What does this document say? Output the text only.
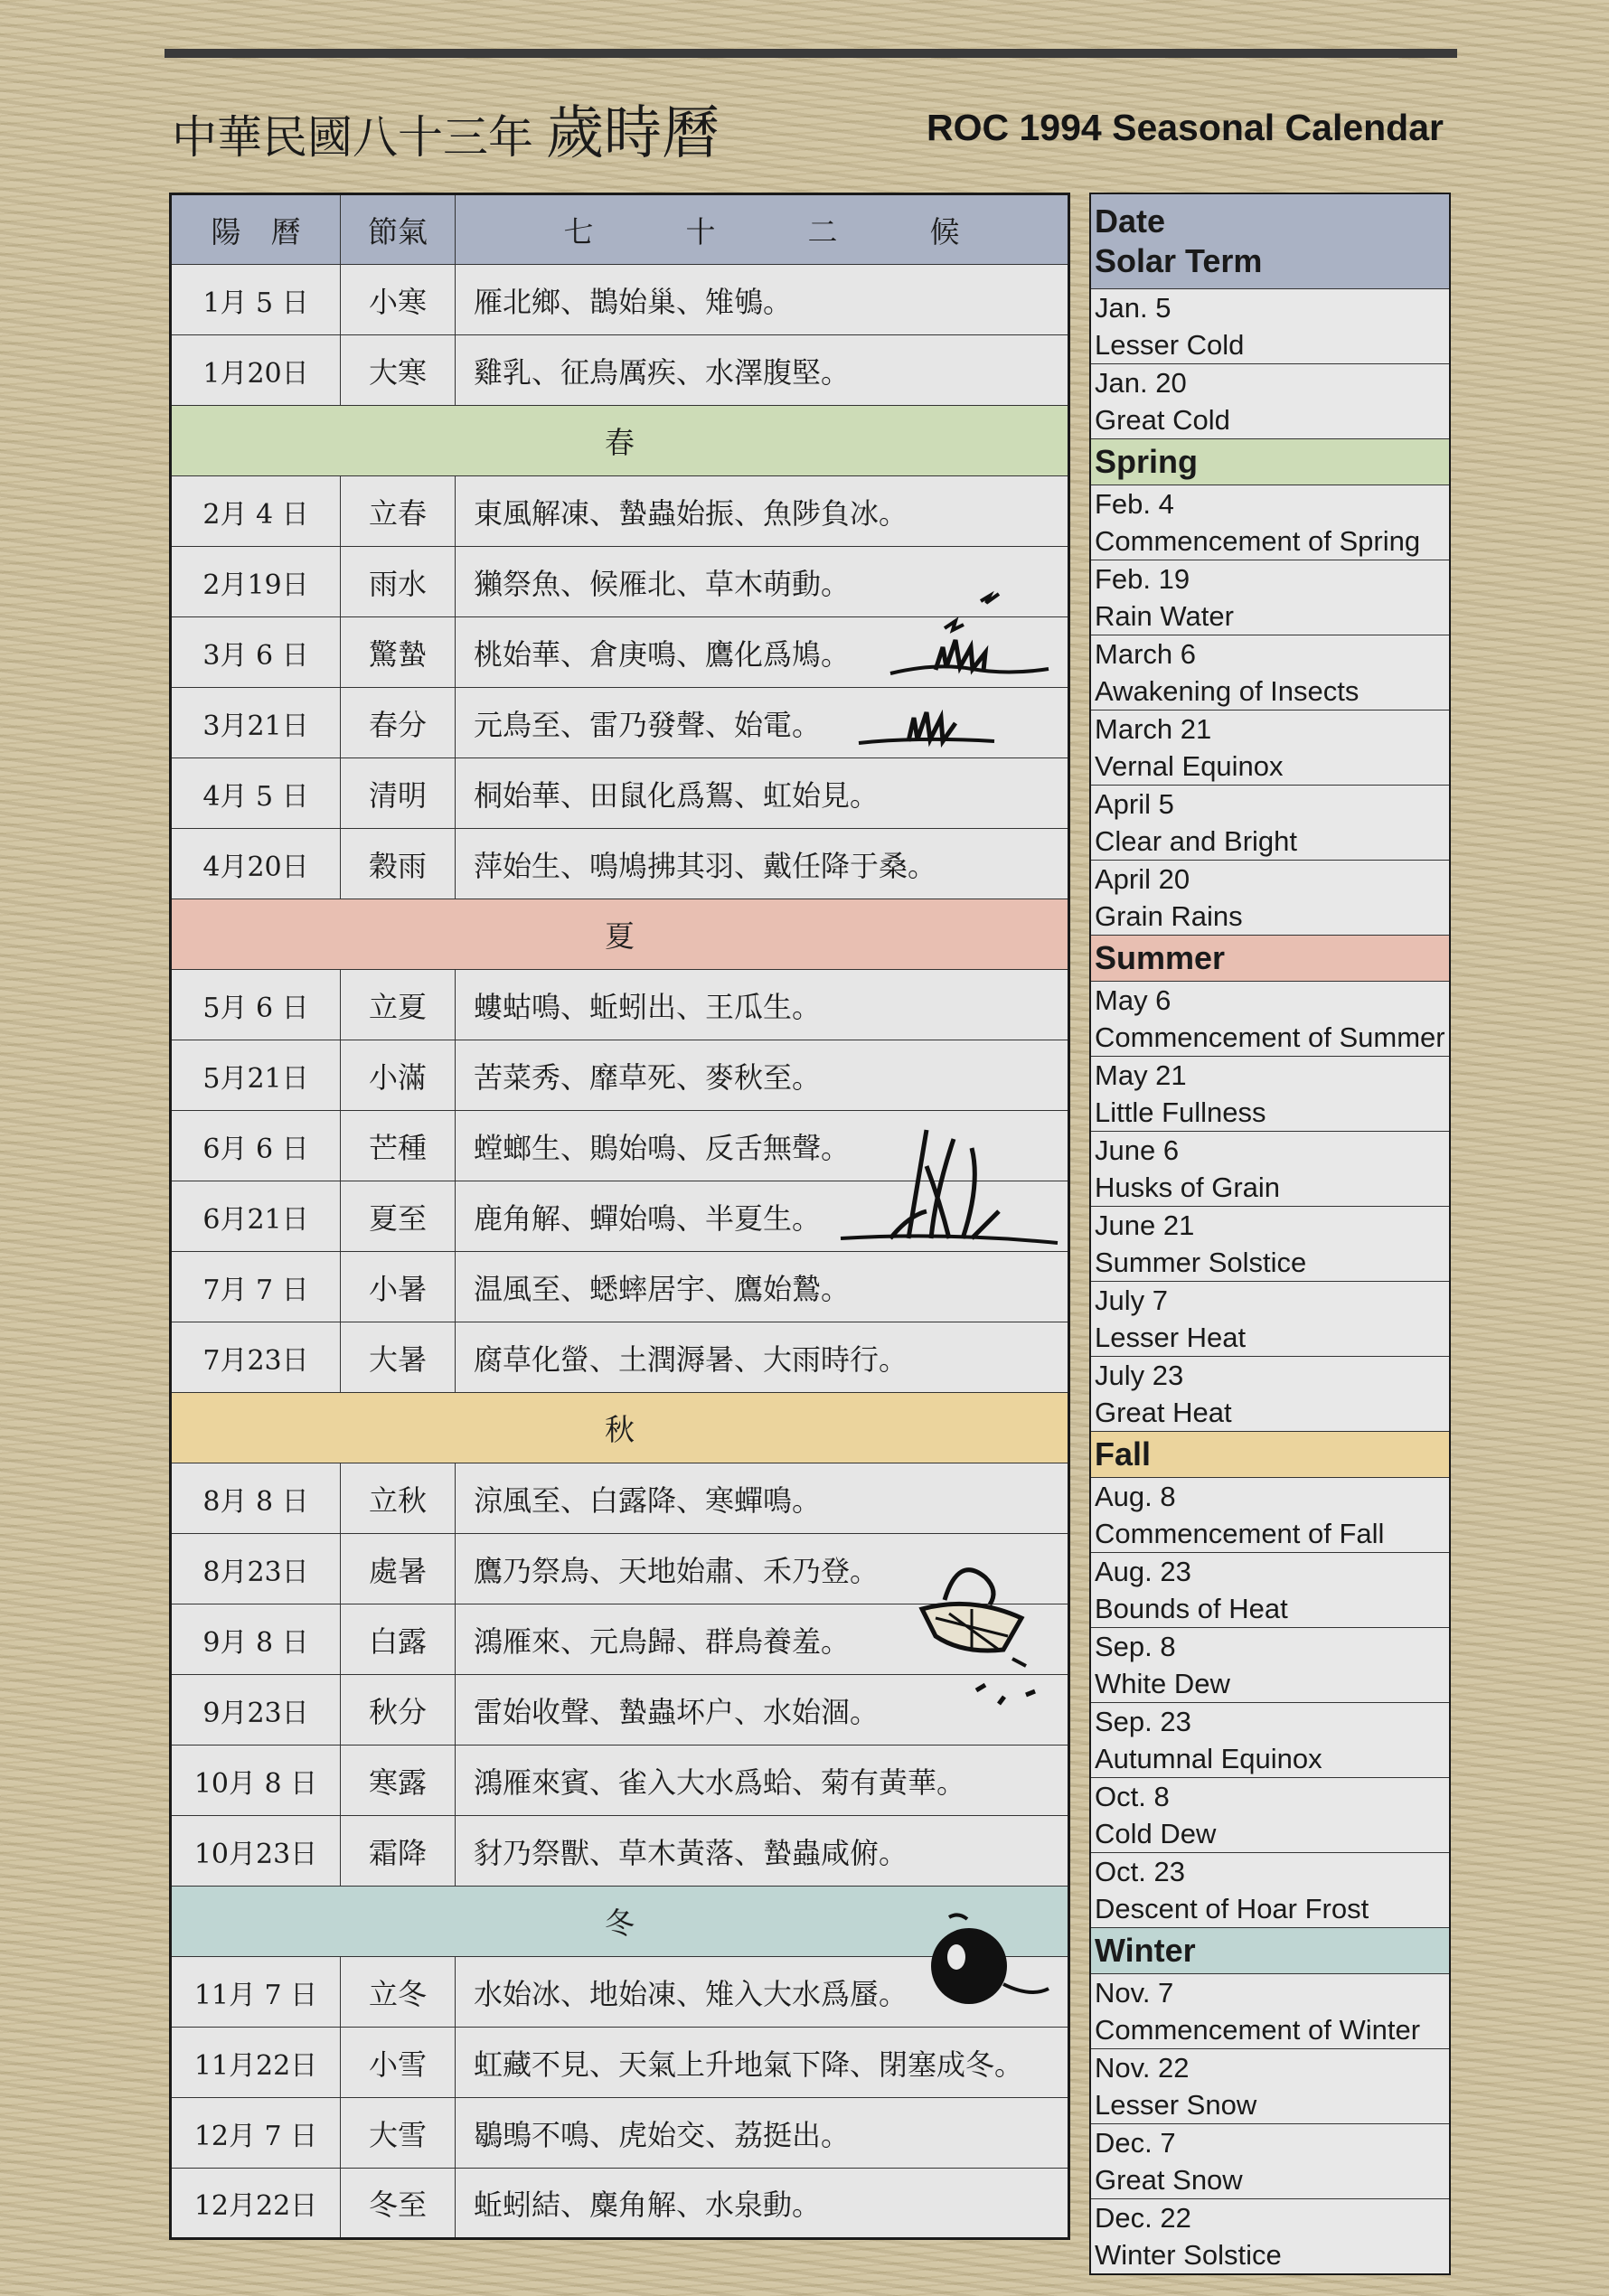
中華民國八十三年 歲時曆	ROC 1994 Seasonal Calendar
陽　曆	節氣	七 十 二 候
1月 5 日	小寒	雁北鄉、鵲始巢、雉鴝。
1月20日	大寒	雞乳、征鳥厲疾、水澤腹堅。
春		
2月 4 日	立春	東風解凍、蟄蟲始振、魚陟負冰。
2月19日	雨水	獺祭魚、候雁北、草木萌動。
3月 6 日	驚蟄	桃始華、倉庚鳴、鷹化爲鳩。
3月21日	春分	元鳥至、雷乃發聲、始電。
4月 5 日	清明	桐始華、田鼠化爲鴽、虹始見。
4月20日	穀雨	萍始生、鳴鳩拂其羽、戴任降于桑。
夏		
5月 6 日	立夏	螻蛄鳴、蚯蚓出、王瓜生。
5月21日	小滿	苦菜秀、靡草死、麥秋至。
6月 6 日	芒種	螳螂生、鵙始鳴、反舌無聲。
6月21日	夏至	鹿角解、蟬始鳴、半夏生。
7月 7 日	小暑	温風至、蟋蟀居宇、鷹始鷙。
7月23日	大暑	腐草化螢、土潤溽暑、大雨時行。
秋		
8月 8 日	立秋	涼風至、白露降、寒蟬鳴。
8月23日	處暑	鷹乃祭鳥、天地始肅、禾乃登。
9月 8 日	白露	鴻雁來、元鳥歸、群鳥養羞。
9月23日	秋分	雷始收聲、蟄蟲坏户、水始涸。
10月 8 日	寒露	鴻雁來賓、雀入大水爲蛤、菊有黃華。
10月23日	霜降	豺乃祭獸、草木黃落、蟄蟲咸俯。
冬		
11月 7 日	立冬	水始冰、地始凍、雉入大水爲蜃。
11月22日	小雪	虹藏不見、天氣上升地氣下降、閉塞成冬。
12月 7 日	大雪	鶡鴠不鳴、虎始交、荔挺出。
12月22日	冬至	蚯蚓結、麋角解、水泉動。
Date
Solar Term

Jan. 5
Lesser Cold

Jan. 20
Great Cold

Spring

Feb. 4
Commencement of Spring

Feb. 19
Rain Water

March 6
Awakening of Insects

March 21
Vernal Equinox

April 5
Clear and Bright

April 20
Grain Rains

Summer

May 6
Commencement of Summer

May 21
Little Fullness

June 6
Husks of Grain

June 21
Summer Solstice

July 7
Lesser Heat

July 23
Great Heat

Fall

Aug. 8
Commencement of Fall

Aug. 23
Bounds of Heat

Sep. 8
White Dew

Sep. 23
Autumnal Equinox

Oct. 8
Cold Dew

Oct. 23
Descent of Hoar Frost

Winter

Nov. 7
Commencement of Winter

Nov. 22
Lesser Snow

Dec. 7
Great Snow

Dec. 22
Winter Solstice
